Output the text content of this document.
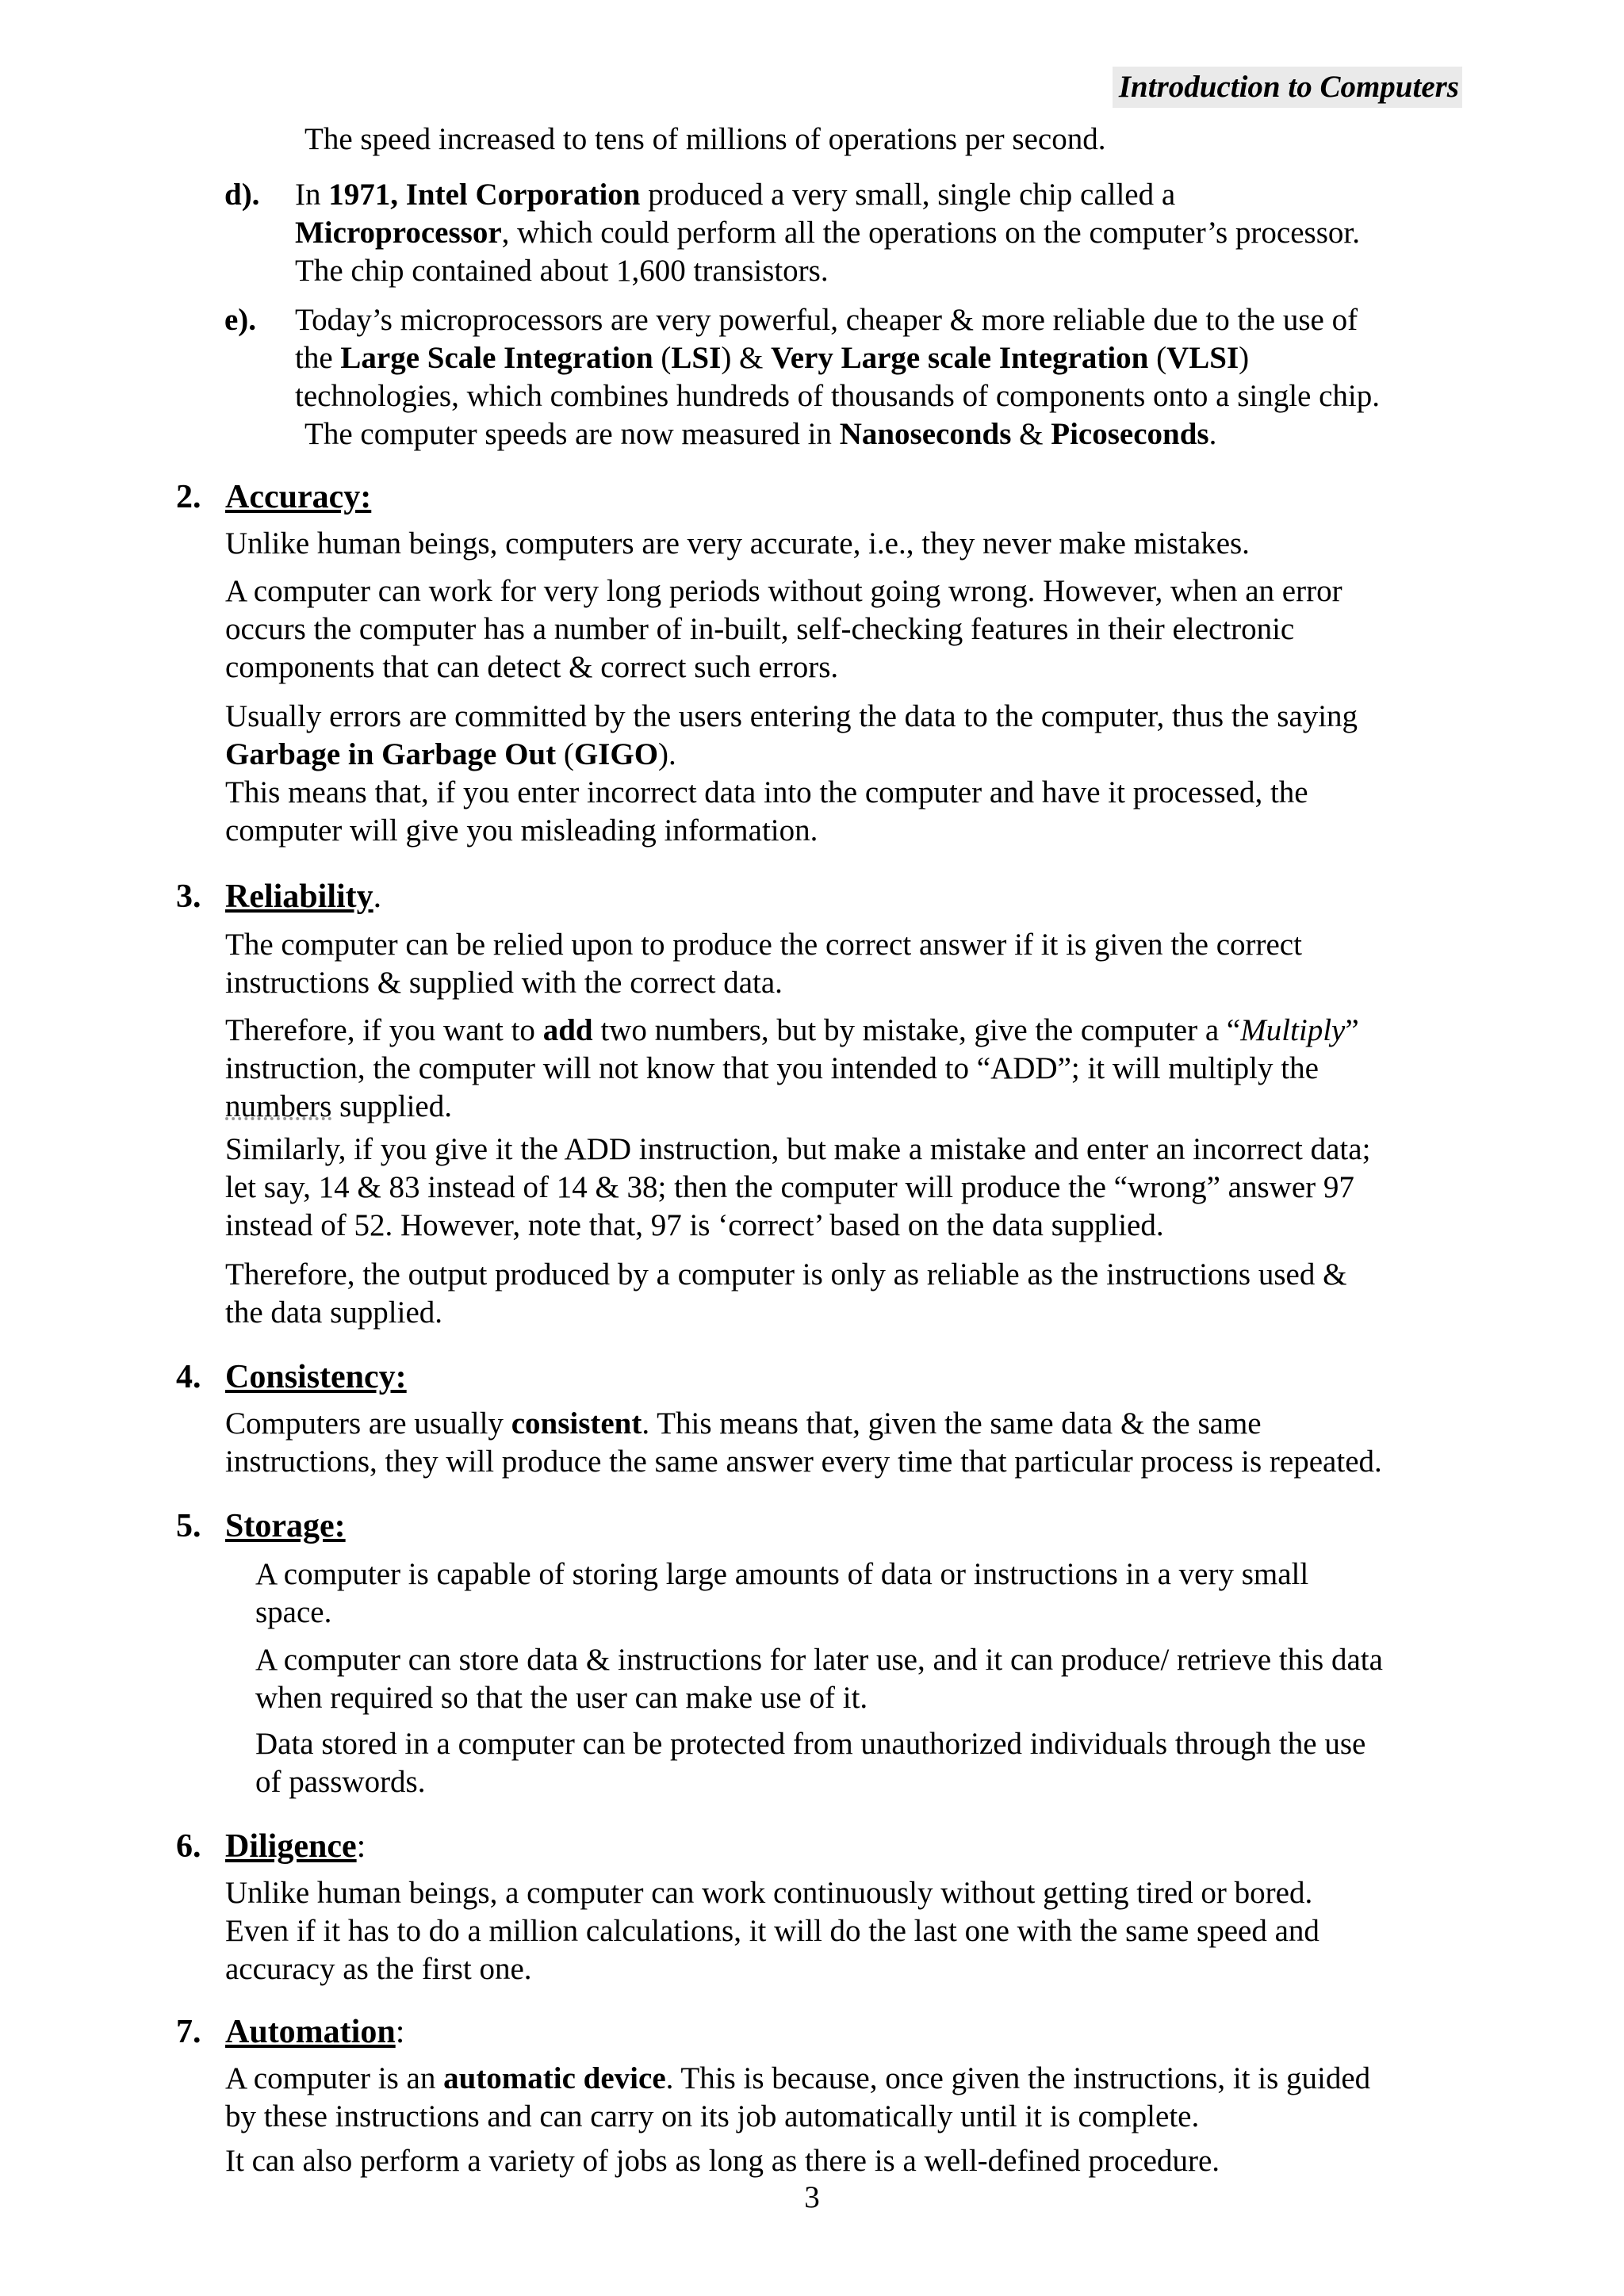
Introduction to Computers

The speed increased to tens of millions of operations per second.

d). In 1971, Intel Corporation produced a very small, single chip called a

Microprocessor, which could perform all the operations on the computer’s processor.

The chip contained about 1,600 transistors.

e). Today’s microprocessors are very powerful, cheaper & more reliable due to the use of

the Large Scale Integration (LSI) & Very Large scale Integration (VLSI)

technologies, which combines hundreds of thousands of components onto a single chip.

The computer speeds are now measured in Nanoseconds & Picoseconds.

2. Accuracy:

Unlike human beings, computers are very accurate, i.e., they never make mistakes.

A computer can work for very long periods without going wrong. However, when an error

occurs the computer has a number of in-built, self-checking features in their electronic

components that can detect & correct such errors.

Usually errors are committed by the users entering the data to the computer, thus the saying

Garbage in Garbage Out (GIGO).

This means that, if you enter incorrect data into the computer and have it processed, the

computer will give you misleading information.

3. Reliability.

The computer can be relied upon to produce the correct answer if it is given the correct

instructions & supplied with the correct data.

Therefore, if you want to add two numbers, but by mistake, give the computer a “Multiply”

instruction, the computer will not know that you intended to “ADD”; it will multiply the

numbers supplied.

Similarly, if you give it the ADD instruction, but make a mistake and enter an incorrect data;

let say, 14 & 83 instead of 14 & 38; then the computer will produce the “wrong” answer 97

instead of 52. However, note that, 97 is ‘correct’ based on the data supplied.

Therefore, the output produced by a computer is only as reliable as the instructions used &

the data supplied.

4. Consistency:

Computers are usually consistent. This means that, given the same data & the same

instructions, they will produce the same answer every time that particular process is repeated.

5. Storage:

A computer is capable of storing large amounts of data or instructions in a very small

space.

A computer can store data & instructions for later use, and it can produce/ retrieve this data

when required so that the user can make use of it.

Data stored in a computer can be protected from unauthorized individuals through the use

of passwords.

6. Diligence:

Unlike human beings, a computer can work continuously without getting tired or bored.

Even if it has to do a million calculations, it will do the last one with the same speed and

accuracy as the first one.

7. Automation:

A computer is an automatic device. This is because, once given the instructions, it is guided

by these instructions and can carry on its job automatically until it is complete.

It can also perform a variety of jobs as long as there is a well-defined procedure.

3
